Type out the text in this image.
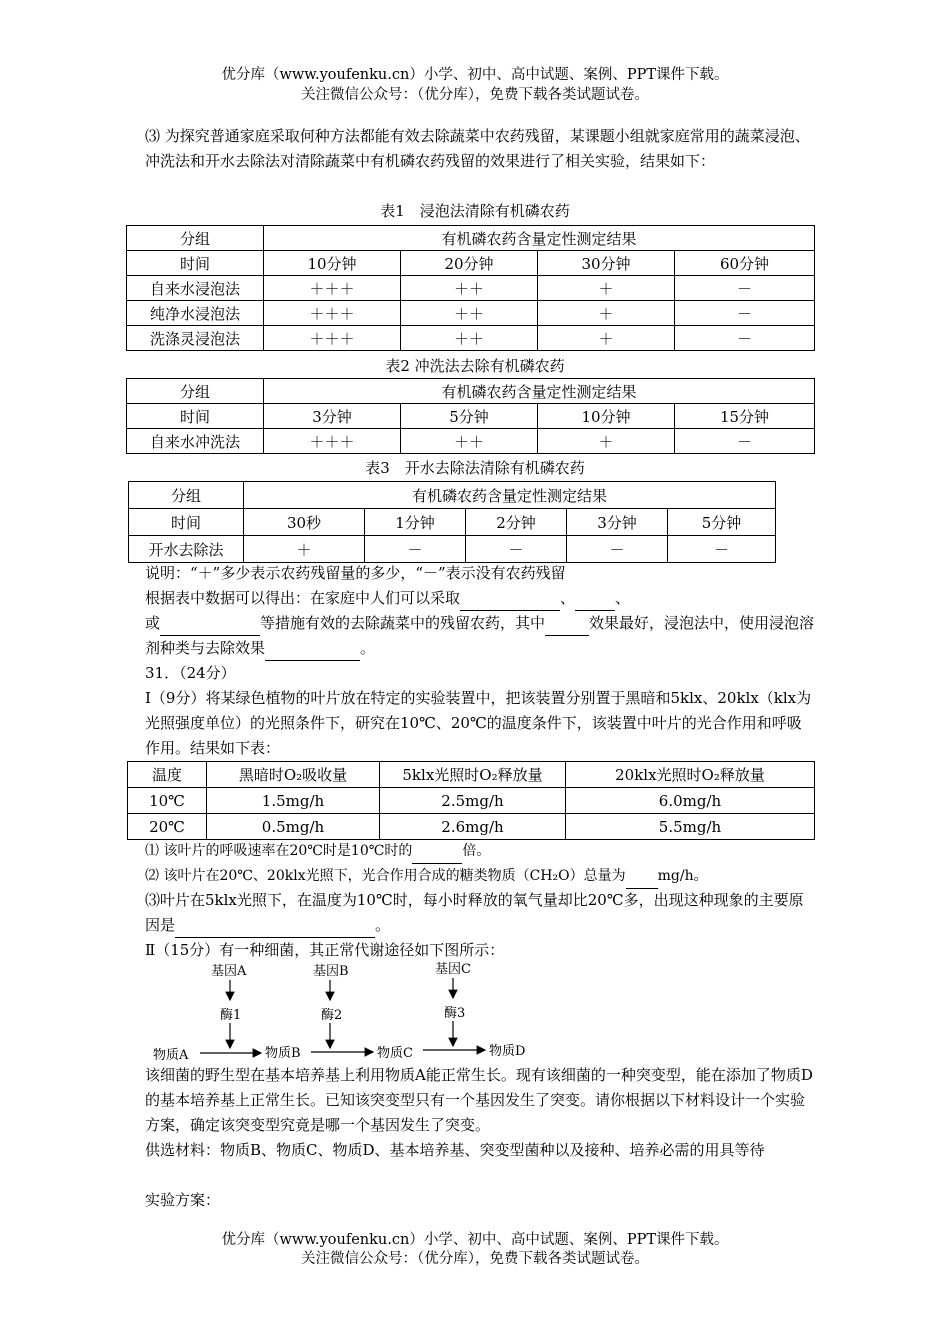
优分库（www.youfenku.cn）小学、初中、高中试题、案例、PPT课件下载。
关注微信公众号：（优分库），免费下载各类试题试卷。
⑶ 为探究普通家庭采取何种方法都能有效去除蔬菜中农药残留，某课题小组就家庭常用的蔬菜浸泡、冲洗法和开水去除法对清除蔬菜中有机磷农药残留的效果进行了相关实验，结果如下：
表1　浸泡法清除有机磷农药
分组	有机磷农药含量定性测定结果			
时间	10分钟	20分钟	30分钟	60分钟
自来水浸泡法	＋＋＋	＋＋	＋	－
纯净水浸泡法	＋＋＋	＋＋	＋	－
洗涤灵浸泡法	＋＋＋	＋＋	＋	－
表2 冲洗法去除有机磷农药
分组	有机磷农药含量定性测定结果			
时间	3分钟	5分钟	10分钟	15分钟
自来水冲洗法	＋＋＋	＋＋	＋	－
表3　开水去除法清除有机磷农药
分组	有机磷农药含量定性测定结果				
时间	30秒	1分钟	2分钟	3分钟	5分钟
开水去除法	＋	－	－	－	－
说明：“＋”多少表示农药残留量的多少，“－”表示没有农药残留
根据表中数据可以得出：在家庭中人们可以采取	、	、
或	等措施有效的去除蔬菜中的残留农药，其中	效果最好，浸泡法中，使用浸泡溶剂种类与去除效果	。
31．（24分）
Ⅰ（9分）将某绿色植物的叶片放在特定的实验装置中，把该装置分别置于黑暗和5klx、20klx（klx为光照强度单位）的光照条件下，研究在10℃、20℃的温度条件下，该装置中叶片的光合作用和呼吸作用。结果如下表：
温度	黑暗时O₂吸收量	5klx光照时O₂释放量	20klx光照时O₂释放量
10℃	1.5mg/h	2.5mg/h	6.0mg/h
20℃	0.5mg/h	2.6mg/h	5.5mg/h
⑴ 该叶片的呼吸速率在20℃时是10℃时的	倍。
⑵ 该叶片在20℃、20klx光照下，光合作用合成的糖类物质（CH₂O）总量为 mg/h。
⑶叶片在5klx光照下，在温度为10℃时，每小时释放的氧气量却比20℃多，出现这种现象的主要原因是	。
Ⅱ（15分）有一种细菌，其正常代谢途径如下图所示：
基因A	基因B	基因C
酶1	酶2	酶3
物质A	物质B	物质C	物质D
该细菌的野生型在基本培养基上利用物质A能正常生长。现有该细菌的一种突变型，能在添加了物质D的基本培养基上正常生长。已知该突变型只有一个基因发生了突变。请你根据以下材料设计一个实验方案，确定该突变型究竟是哪一个基因发生了突变。
供选材料：物质B、物质C、物质D、基本培养基、突变型菌种以及接种、培养必需的用具等待
实验方案：
优分库（www.youfenku.cn）小学、初中、高中试题、案例、PPT课件下载。
关注微信公众号：（优分库），免费下载各类试题试卷。
